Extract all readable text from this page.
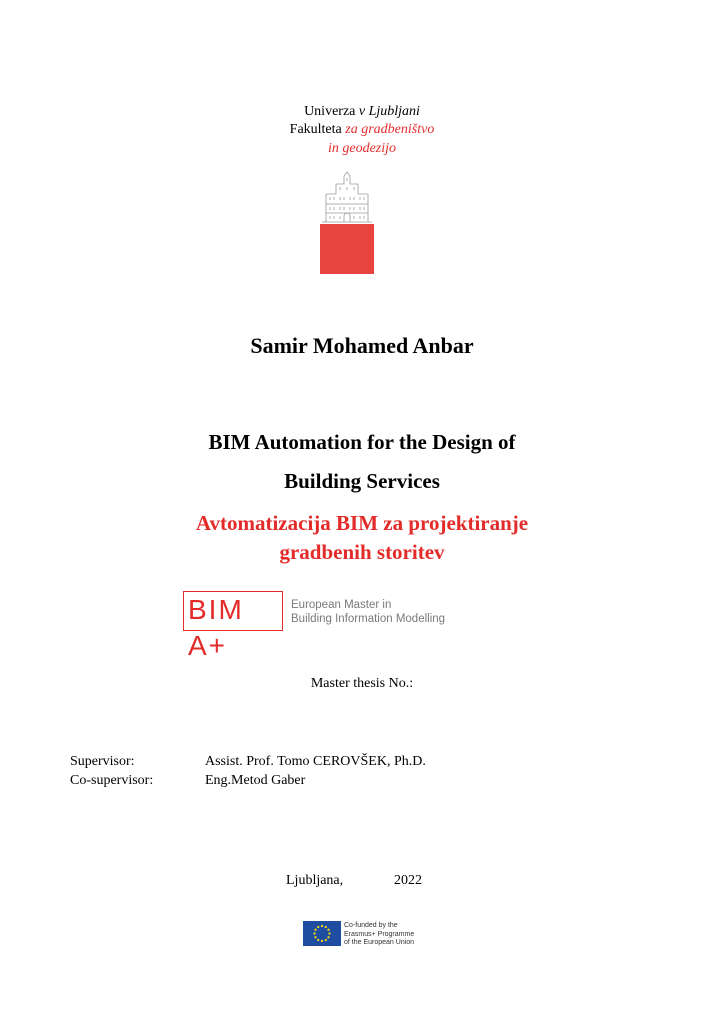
Univerza v Ljubljani
Fakulteta za gradbeništvo
in geodezijo
Samir Mohamed Anbar
BIM Automation for the Design of
Building Services
Avtomatizacija BIM za projektiranje
gradbenih storitev
BIM A+
European Master in
Building Information Modelling
Master thesis No.:
Supervisor:	Assist. Prof. Tomo CEROVŠEK, Ph.D.
Co-supervisor:	Eng.Metod Gaber
Ljubljana,	2022
Co-funded by the
Erasmus+ Programme
of the European Union
